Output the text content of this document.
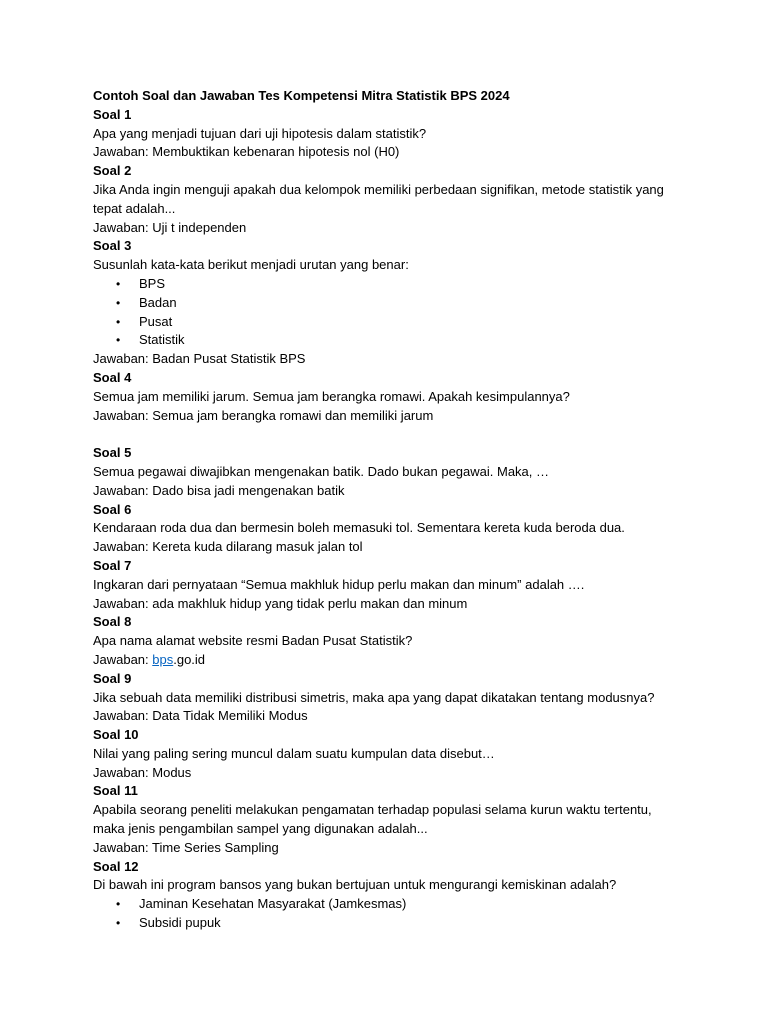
Contoh Soal dan Jawaban Tes Kompetensi Mitra Statistik BPS 2024

Soal 1

Apa yang menjadi tujuan dari uji hipotesis dalam statistik?

Jawaban: Membuktikan kebenaran hipotesis nol (H0)

Soal 2

Jika Anda ingin menguji apakah dua kelompok memiliki perbedaan signifikan, metode statistik yang

tepat adalah...

Jawaban: Uji t independen

Soal 3

Susunlah kata-kata berikut menjadi urutan yang benar:

• BPS
• Badan
• Pusat
• Statistik

Jawaban: Badan Pusat Statistik BPS

Soal 4

Semua jam memiliki jarum. Semua jam berangka romawi. Apakah kesimpulannya?

Jawaban: Semua jam berangka romawi dan memiliki jarum

Soal 5

Semua pegawai diwajibkan mengenakan batik. Dado bukan pegawai. Maka, …

Jawaban: Dado bisa jadi mengenakan batik

Soal 6

Kendaraan roda dua dan bermesin boleh memasuki tol. Sementara kereta kuda beroda dua.

Jawaban: Kereta kuda dilarang masuk jalan tol

Soal 7

Ingkaran dari pernyataan “Semua makhluk hidup perlu makan dan minum” adalah ….

Jawaban: ada makhluk hidup yang tidak perlu makan dan minum

Soal 8

Apa nama alamat website resmi Badan Pusat Statistik?

Jawaban: bps.go.id

Soal 9

Jika sebuah data memiliki distribusi simetris, maka apa yang dapat dikatakan tentang modusnya?

Jawaban: Data Tidak Memiliki Modus

Soal 10

Nilai yang paling sering muncul dalam suatu kumpulan data disebut…

Jawaban: Modus

Soal 11

Apabila seorang peneliti melakukan pengamatan terhadap populasi selama kurun waktu tertentu,

maka jenis pengambilan sampel yang digunakan adalah...

Jawaban: Time Series Sampling

Soal 12

Di bawah ini program bansos yang bukan bertujuan untuk mengurangi kemiskinan adalah?

• Jaminan Kesehatan Masyarakat (Jamkesmas)
• Subsidi pupuk
